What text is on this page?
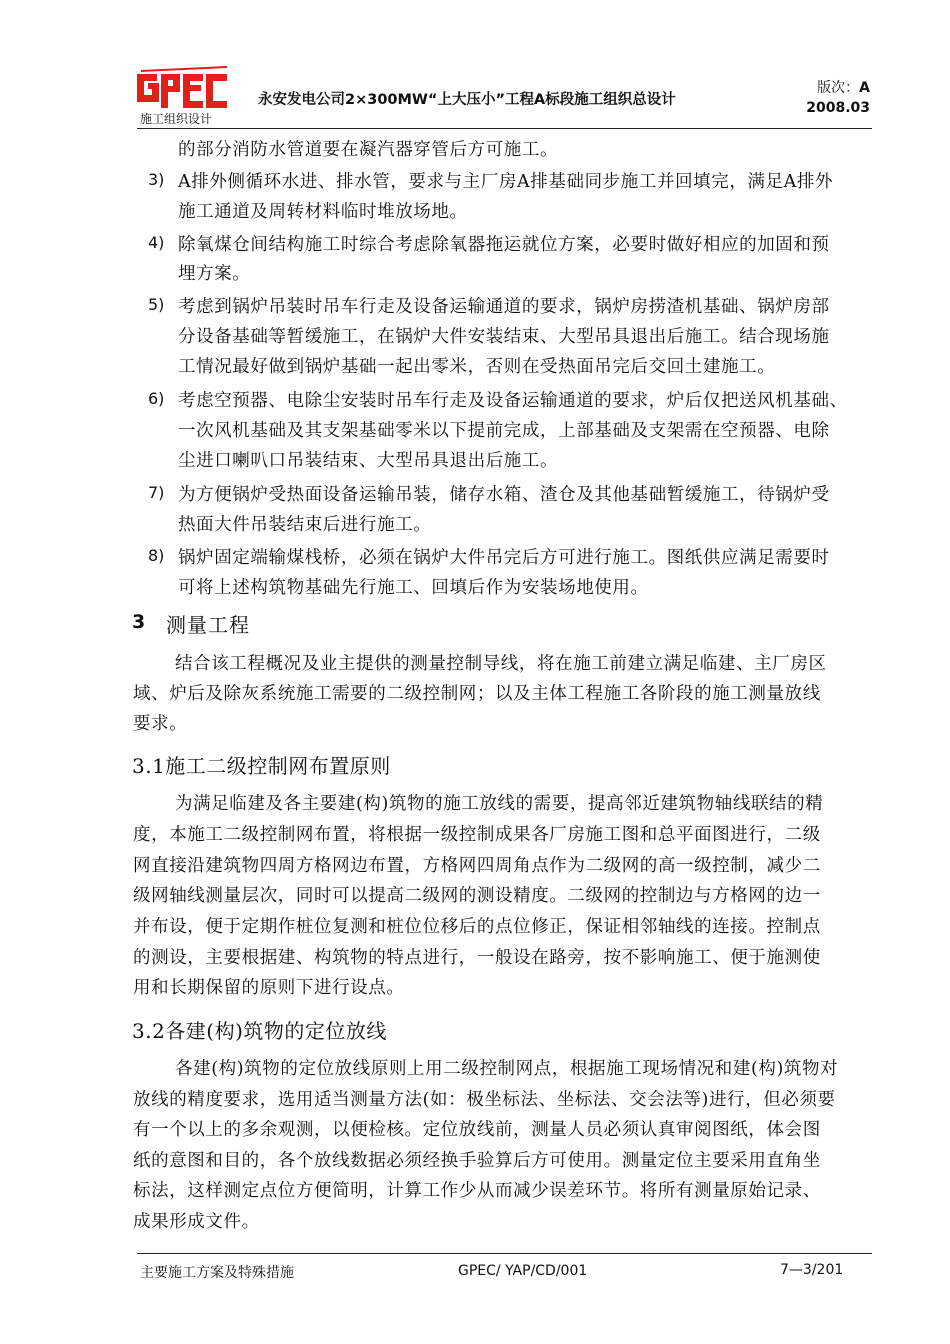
施工组织设计
永安发电公司2×300MW“上大压小”工程A标段施工组织总设计
版次：A
2008.03
的部分消防水管道要在凝汽器穿管后方可施工。
3) A排外侧循环水进、排水管，要求与主厂房A排基础同步施工并回填完，满足A排外
施工通道及周转材料临时堆放场地。
4) 除氧煤仓间结构施工时综合考虑除氧器拖运就位方案，必要时做好相应的加固和预
埋方案。
5) 考虑到锅炉吊装时吊车行走及设备运输通道的要求，锅炉房捞渣机基础、锅炉房部
分设备基础等暂缓施工，在锅炉大件安装结束、大型吊具退出后施工。结合现场施
工情况最好做到锅炉基础一起出零米，否则在受热面吊完后交回土建施工。
6) 考虑空预器、电除尘安装时吊车行走及设备运输通道的要求，炉后仅把送风机基础、
一次风机基础及其支架基础零米以下提前完成，上部基础及支架需在空预器、电除
尘进口喇叭口吊装结束、大型吊具退出后施工。
7) 为方便锅炉受热面设备运输吊装，储存水箱、渣仓及其他基础暂缓施工，待锅炉受
热面大件吊装结束后进行施工。
8) 锅炉固定端输煤栈桥，必须在锅炉大件吊完后方可进行施工。图纸供应满足需要时
可将上述构筑物基础先行施工、回填后作为安装场地使用。
3 测量工程
结合该工程概况及业主提供的测量控制导线，将在施工前建立满足临建、主厂房区
域、炉后及除灰系统施工需要的二级控制网；以及主体工程施工各阶段的施工测量放线
要求。
3.1施工二级控制网布置原则
为满足临建及各主要建(构)筑物的施工放线的需要，提高邻近建筑物轴线联结的精
度，本施工二级控制网布置，将根据一级控制成果各厂房施工图和总平面图进行，二级
网直接沿建筑物四周方格网边布置，方格网四周角点作为二级网的高一级控制，减少二
级网轴线测量层次，同时可以提高二级网的测设精度。二级网的控制边与方格网的边一
并布设，便于定期作桩位复测和桩位位移后的点位修正，保证相邻轴线的连接。控制点
的测设，主要根据建、构筑物的特点进行，一般设在路旁，按不影响施工、便于施测使
用和长期保留的原则下进行设点。
3.2各建(构)筑物的定位放线
各建(构)筑物的定位放线原则上用二级控制网点，根据施工现场情况和建(构)筑物对
放线的精度要求，选用适当测量方法(如：极坐标法、坐标法、交会法等)进行，但必须要
有一个以上的多余观测，以便检核。定位放线前，测量人员必须认真审阅图纸，体会图
纸的意图和目的，各个放线数据必须经换手验算后方可使用。测量定位主要采用直角坐
标法，这样测定点位方便简明，计算工作少从而减少误差环节。将所有测量原始记录、
成果形成文件。
主要施工方案及特殊措施	GPEC/ YAP/CD/001	7—3/201
